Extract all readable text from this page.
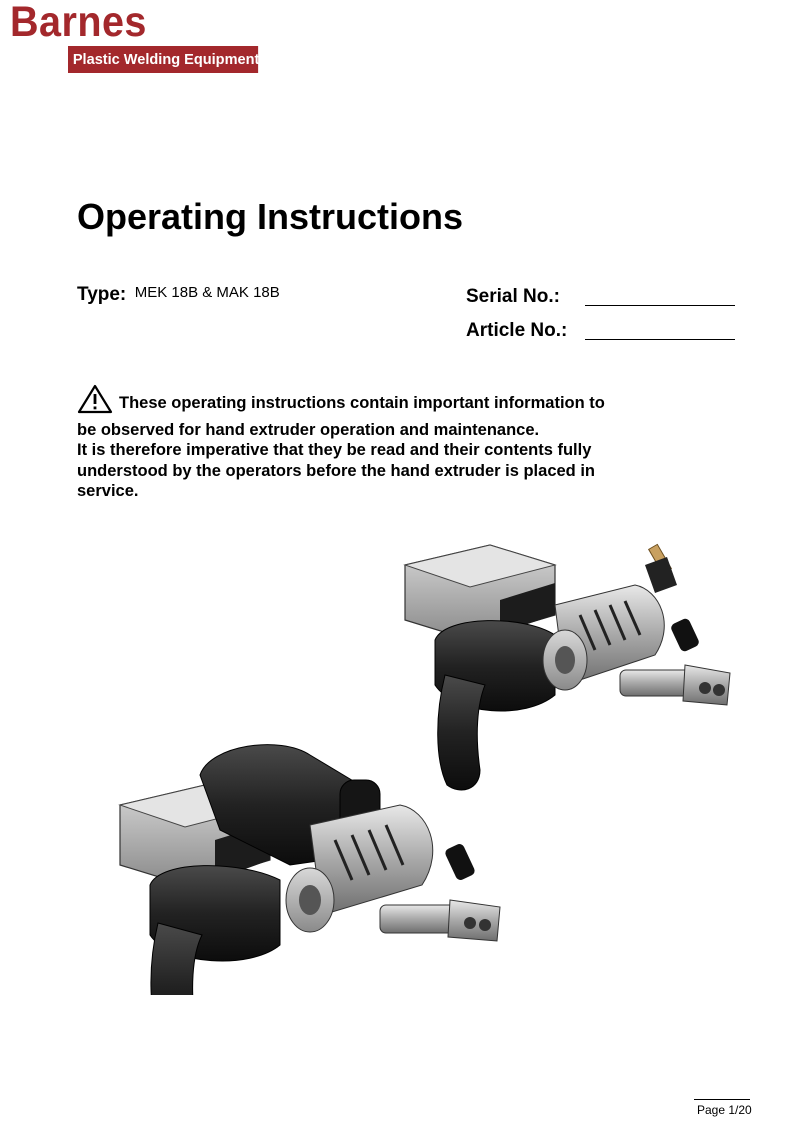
Barnes
Plastic Welding Equipment Ltd.
Operating Instructions
Type: MEK 18B & MAK 18B	Serial No.:
Article No.:
These operating instructions contain important information to be observed for hand extruder operation and maintenance.
It is therefore imperative that they be read and their contents fully understood by the operators before the hand extruder is placed in service.
Page 1/20
